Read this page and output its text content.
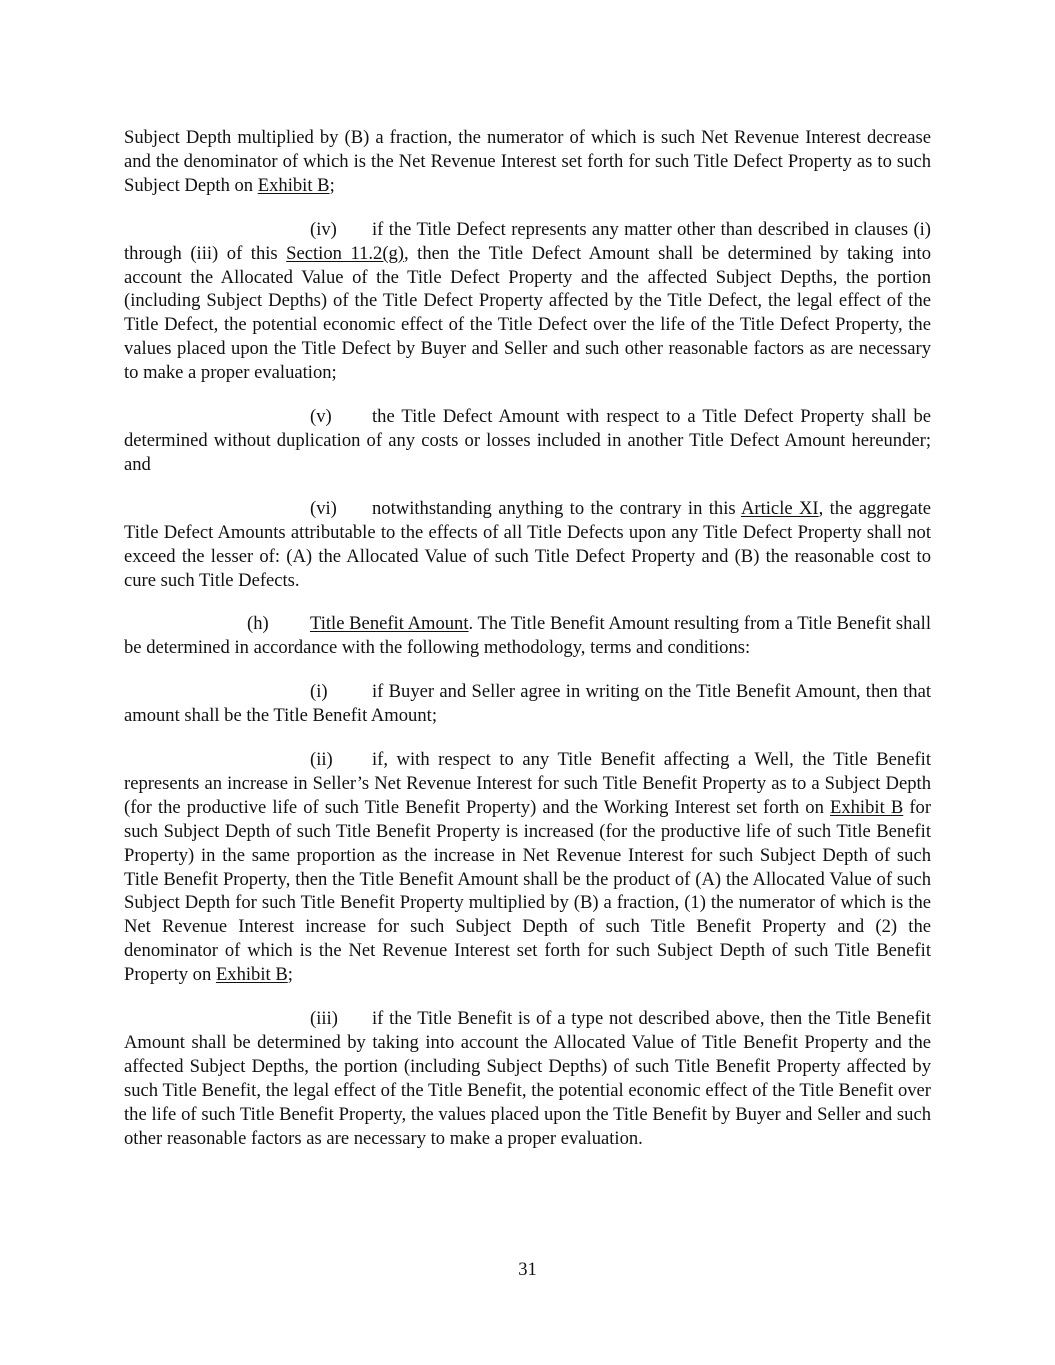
Subject Depth multiplied by (B) a fraction, the numerator of which is such Net Revenue Interest decrease and the denominator of which is the Net Revenue Interest set forth for such Title Defect Property as to such Subject Depth on Exhibit B;

(iv) if the Title Defect represents any matter other than described in clauses (i) through (iii) of this Section 11.2(g), then the Title Defect Amount shall be determined by taking into account the Allocated Value of the Title Defect Property and the affected Subject Depths, the portion (including Subject Depths) of the Title Defect Property affected by the Title Defect, the legal effect of the Title Defect, the potential economic effect of the Title Defect over the life of the Title Defect Property, the values placed upon the Title Defect by Buyer and Seller and such other reasonable factors as are necessary to make a proper evaluation;

(v) the Title Defect Amount with respect to a Title Defect Property shall be determined without duplication of any costs or losses included in another Title Defect Amount hereunder; and

(vi) notwithstanding anything to the contrary in this Article XI, the aggregate Title Defect Amounts attributable to the effects of all Title Defects upon any Title Defect Property shall not exceed the lesser of: (A) the Allocated Value of such Title Defect Property and (B) the reasonable cost to cure such Title Defects.

(h) Title Benefit Amount. The Title Benefit Amount resulting from a Title Benefit shall be determined in accordance with the following methodology, terms and conditions:

(i) if Buyer and Seller agree in writing on the Title Benefit Amount, then that amount shall be the Title Benefit Amount;

(ii) if, with respect to any Title Benefit affecting a Well, the Title Benefit represents an increase in Seller’s Net Revenue Interest for such Title Benefit Property as to a Subject Depth (for the productive life of such Title Benefit Property) and the Working Interest set forth on Exhibit B for such Subject Depth of such Title Benefit Property is increased (for the productive life of such Title Benefit Property) in the same proportion as the increase in Net Revenue Interest for such Subject Depth of such Title Benefit Property, then the Title Benefit Amount shall be the product of (A) the Allocated Value of such Subject Depth for such Title Benefit Property multiplied by (B) a fraction, (1) the numerator of which is the Net Revenue Interest increase for such Subject Depth of such Title Benefit Property and (2) the denominator of which is the Net Revenue Interest set forth for such Subject Depth of such Title Benefit Property on Exhibit B;

(iii) if the Title Benefit is of a type not described above, then the Title Benefit Amount shall be determined by taking into account the Allocated Value of Title Benefit Property and the affected Subject Depths, the portion (including Subject Depths) of such Title Benefit Property affected by such Title Benefit, the legal effect of the Title Benefit, the potential economic effect of the Title Benefit over the life of such Title Benefit Property, the values placed upon the Title Benefit by Buyer and Seller and such other reasonable factors as are necessary to make a proper evaluation.

31
